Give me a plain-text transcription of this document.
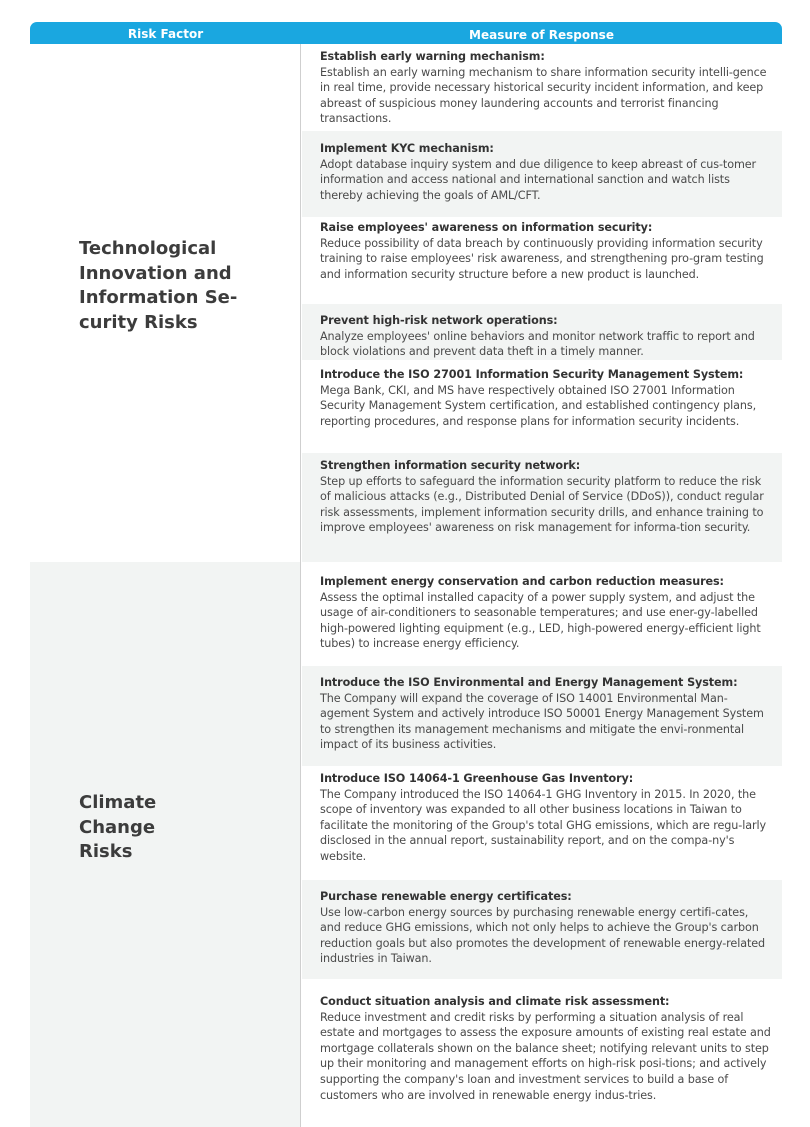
Risk Factor	Measure of Response
Technological
Innovation and
Information Se-
curity Risks
Climate
Change
Risks
Establish early warning mechanism:
Establish an early warning mechanism to share information security intelli-gence in real time, provide necessary historical security incident information, and keep abreast of suspicious money laundering accounts and terrorist financing transactions.
Implement KYC mechanism:
Adopt database inquiry system and due diligence to keep abreast of cus-tomer information and access national and international sanction and watch lists thereby achieving the goals of AML/CFT.
Raise employees' awareness on information security:
Reduce possibility of data breach by continuously providing information security training to raise employees' risk awareness, and strengthening pro-gram testing and information security structure before a new product is launched.
Prevent high-risk network operations:
Analyze employees' online behaviors and monitor network traffic to report and block violations and prevent data theft in a timely manner.
Introduce the ISO 27001 Information Security Management System:
Mega Bank, CKI, and MS have respectively obtained ISO 27001 Information Security Management System certification, and established contingency plans, reporting procedures, and response plans for information security incidents.
Strengthen information security network:
Step up efforts to safeguard the information security platform to reduce the risk of malicious attacks (e.g., Distributed Denial of Service (DDoS)), conduct regular risk assessments, implement information security drills, and enhance training to improve employees' awareness on risk management for informa-tion security.
Implement energy conservation and carbon reduction measures:
Assess the optimal installed capacity of a power supply system, and adjust the usage of air-conditioners to seasonable temperatures; and use ener-gy-labelled high-powered lighting equipment (e.g., LED, high-powered energy-efficient light tubes) to increase energy efficiency.
Introduce the ISO Environmental and Energy Management System:
The Company will expand the coverage of ISO 14001 Environmental Man-agement System and actively introduce ISO 50001 Energy Management System to strengthen its management mechanisms and mitigate the envi-ronmental impact of its business activities.
Introduce ISO 14064-1 Greenhouse Gas Inventory:
The Company introduced the ISO 14064-1 GHG Inventory in 2015. In 2020, the scope of inventory was expanded to all other business locations in Taiwan to facilitate the monitoring of the Group's total GHG emissions, which are regu-larly disclosed in the annual report, sustainability report, and on the compa-ny's website.
Purchase renewable energy certificates:
Use low-carbon energy sources by purchasing renewable energy certifi-cates, and reduce GHG emissions, which not only helps to achieve the Group's carbon reduction goals but also promotes the development of renewable energy-related industries in Taiwan.
Conduct situation analysis and climate risk assessment:
Reduce investment and credit risks by performing a situation analysis of real estate and mortgages to assess the exposure amounts of existing real estate and mortgage collaterals shown on the balance sheet; notifying relevant units to step up their monitoring and management efforts on high-risk posi-tions; and actively supporting the company's loan and investment services to build a base of customers who are involved in renewable energy indus-tries.
